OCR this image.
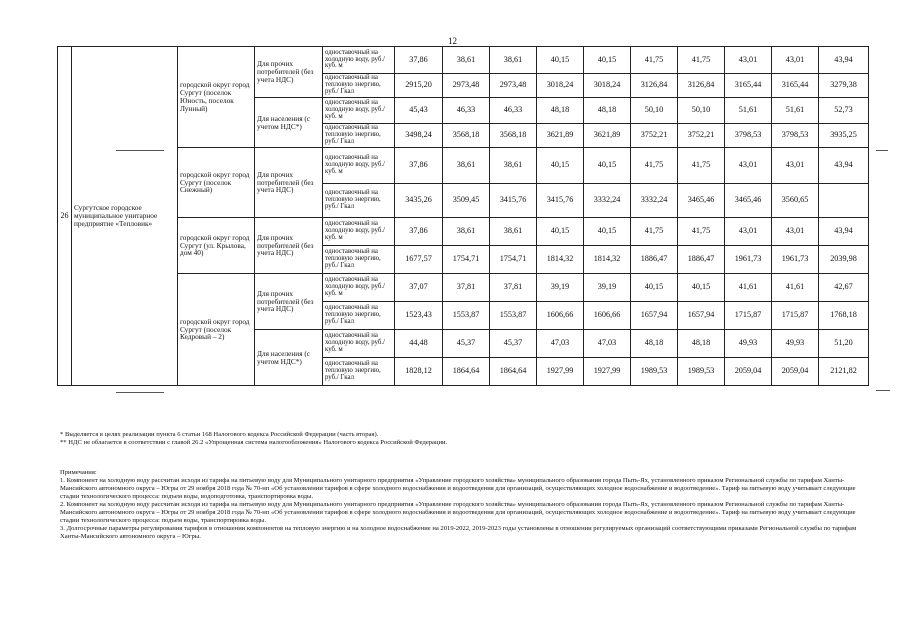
12
26	Сургутское городское муниципальное унитарное предприятие «Тепловик»	городской округ город Сургут (поселок Юность, поселок Лунный)	Для прочих потребителей (без учета НДС)	одноставочный на холодную воду, руб./куб. м	37,86	38,61	38,61	40,15	40,15	41,75	41,75	43,01	43,01	43,94
				одноставочный на тепловую энергию, руб./ Гкал	2915,20	2973,48	2973,48	3018,24	3018,24	3126,84	3126,84	3165,44	3165,44	3279,38
			Для населения (с учетом НДС*)	одноставочный на холодную воду, руб./куб. м	45,43	46,33	46,33	48,18	48,18	50,10	50,10	51,61	51,61	52,73
				одноставочный на тепловую энергию, руб./ Гкал	3498,24	3568,18	3568,18	3621,89	3621,89	3752,21	3752,21	3798,53	3798,53	3935,25
		городской округ город Сургут (поселок Снежный)	Для прочих потребителей (без учета НДС)	одноставочный на холодную воду, руб./куб. м	37,86	38,61	38,61	40,15	40,15	41,75	41,75	43,01	43,01	43,94
				одноставочный на тепловую энергию, руб./ Гкал	3435,26	3509,45	3415,76	3415,76	3332,24	3332,24	3465,46	3465,46	3560,65	
		городской округ город Сургут (ул. Крылова, дом 40)	Для прочих потребителей (без учета НДС)	одноставочный на холодную воду, руб./куб. м	37,86	38,61	38,61	40,15	40,15	41,75	41,75	43,01	43,01	43,94
				одноставочный на тепловую энергию, руб./ Гкал	1677,57	1754,71	1754,71	1814,32	1814,32	1886,47	1886,47	1961,73	1961,73	2039,98
		городской округ город Сургут (поселок Кедровый – 2)	Для прочих потребителей (без учета НДС)	одноставочный на холодную воду, руб./куб. м	37,07	37,81	37,81	39,19	39,19	40,15	40,15	41,61	41,61	42,67
				одноставочный на тепловую энергию, руб./ Гкал	1523,43	1553,87	1553,87	1606,66	1606,66	1657,94	1657,94	1715,87	1715,87	1768,18
			Для населения (с учетом НДС*)	одноставочный на холодную воду, руб./куб. м	44,48	45,37	45,37	47,03	47,03	48,18	48,18	49,93	49,93	51,20
				одноставочный на тепловую энергию, руб./ Гкал	1828,12	1864,64	1864,64	1927,99	1927,99	1989,53	1989,53	2059,04	2059,04	2121,82

* Выделяется в целях реализации пункта 6 статьи 168 Налогового кодекса Российской Федерации (часть вторая).

** НДС не облагается в соответствии с главой 26.2 «Упрощенная система налогообложения» Налогового кодекса Российской Федерации.

Примечания:

1. Компонент на холодную воду рассчитан исходя из тарифа на питьевую воду для Муниципального унитарного предприятия «Управление городского хозяйства» муниципального образования города Пыть-Ях, установленного приказом Региональной службы по тарифам Ханты-Мансийского автономного округа – Югры от 29 ноября 2018 года № 70-нп «Об установлении тарифов в сфере холодного водоснабжения и водоотведения для организаций, осуществляющих холодное водоснабжение и водоотведение». Тариф на питьевую воду учитывает следующие стадии технологического процесса: подъем воды, водоподготовка, транспортировка воды.

2. Компонент на холодную воду рассчитан исходя из тарифа на питьевую воду для Муниципального унитарного предприятия «Управление городского хозяйства» муниципального образования города Пыть-Ях, установленного приказом Региональной службы по тарифам Ханты-Мансийского автономного округа – Югры от 29 ноября 2018 года № 70-нп «Об установлении тарифов в сфере холодного водоснабжения и водоотведения для организаций, осуществляющих холодное водоснабжение и водоотведение». Тариф на питьевую воду учитывает следующие стадии технологического процесса: подъем воды, транспортировка воды.

3. Долгосрочные параметры регулирования тарифов в отношении компонентов на тепловую энергию и на холодное водоснабжение на 2019-2022, 2019-2023 годы установлены в отношении регулируемых организаций соответствующими приказами Региональной службы по тарифам Ханты-Мансийского автономного округа – Югры.
